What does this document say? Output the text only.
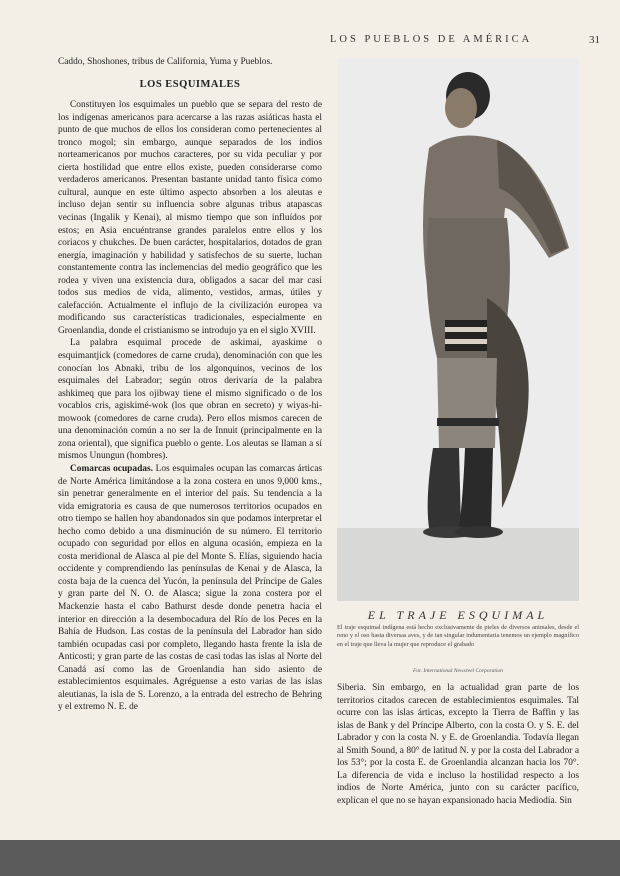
LOS PUEBLOS DE AMÉRICA	31

Caddo, Shoshones, tribus de California, Yuma y Pueblos.

LOS ESQUIMALES

Constituyen los esquimales un pueblo que se separa del resto de los indígenas americanos para acercarse a las razas asiáticas hasta el punto de que muchos de ellos los consideran como pertenecientes al tronco mogol; sin embargo, aunque separados de los indios norteamericanos por muchos caracteres, por su vida peculiar y por cierta hostilidad que entre ellos existe, pueden considerarse como verdaderos americanos. Presentan bastante unidad tanto física como cultural, aunque en este último aspecto absorben a los aleutas e incluso dejan sentir su influencia sobre algunas tribus atapascas vecinas (Ingalik y Kenai), al mismo tiempo que son influídos por estos; en Asia encuéntranse grandes paralelos entre ellos y los coriacos y chukches. De buen carácter, hospitalarios, dotados de gran energía, imaginación y habilidad y satisfechos de su suerte, luchan constantemente contra las inclemencias del medio geográfico que les rodea y viven una existencia dura, obligados a sacar del mar casi todos sus medios de vida, alimento, vestidos, armas, útiles y calefacción. Actualmente el influjo de la civilización europea va modificando sus características tradicionales, especialmente en Groenlandia, donde el cristianismo se introdujo ya en el siglo XVIII.

La palabra esquimal procede de askimai, ayaskime o esquimantjick (comedores de carne cruda), denominación con que les conocían los Abnaki, tribu de los algonquinos, vecinos de los esquimales del Labrador; según otros derivaría de la palabra ashkimeq que para los ojibway tiene el mismo significado o de los vocablos cris, agiskimé-wok (los que obran en secreto) y wiyas-hi-mowook (comedores de carne cruda). Pero ellos mismos carecen de una denominación común a no ser la de Innuit (principalmente en la zona oriental), que significa pueblo o gente. Los aleutas se llaman a sí mismos Unungun (hombres).

Comarcas ocupadas. Los esquimales ocupan las comarcas árticas de Norte América limitándose a la zona costera en unos 9,000 kms., sin penetrar generalmente en el interior del país. Su tendencia a la vida emigratoria es causa de que numerosos territorios ocupados en otro tiempo se hallen hoy abandonados sin que podamos interpretar el hecho como debido a una disminución de su número. El territorio ocupado con seguridad por ellos en alguna ocasión, empieza en la costa meridional de Alasca al pie del Monte S. Elías, siguiendo hacia occidente y comprendiendo las penínsulas de Kenai y de Alasca, la costa baja de la cuenca del Yucón, la península del Príncipe de Gales y gran parte del N. O. de Alasca; sigue la zona costera por el Mackenzie hasta el cabo Bathurst desde donde penetra hacia el interior en dirección a la desembocadura del Río de los Peces en la Bahía de Hudson. Las costas de la península del Labrador han sido también ocupadas casi por completo, llegando hasta frente la isla de Anticosti; y gran parte de las costas de casi todas las islas al Norte del Canadá así como las de Groenlandia han sido asiento de establecimientos esquimales. Agréguense a esto varias de las islas aleutianas, la isla de S. Lorenzo, a la entrada del estrecho de Behring y el extremo N. E. de

EL TRAJE ESQUIMAL
El traje esquimal indígena está hecho exclusivamente de pieles de diversos animales, desde el reno y el oso hasta diversas aves, y de tan singular indumentaria tenemos un ejemplo magnífico en el traje que lleva la mujer que reproduce el grabado
Fot. International Newsreel Corporation

Siberia. Sin embargo, en la actualidad gran parte de los territorios citados carecen de establecimientos esquimales. Tal ocurre con las islas árticas, excepto la Tierra de Baffin y las islas de Bank y del Príncipe Alberto, con la costa O. y S. E. del Labrador y con la costa N. y E. de Groenlandia. Todavía llegan al Smith Sound, a 80° de latitud N. y por la costa del Labrador a los 53°; por la costa E. de Groenlandia alcanzan hacia los 70°. La diferencia de vida e incluso la hostilidad respecto a los indios de Norte América, junto con su carácter pacífico, explican el que no se hayan expansionado hacia Mediodía. Sin
